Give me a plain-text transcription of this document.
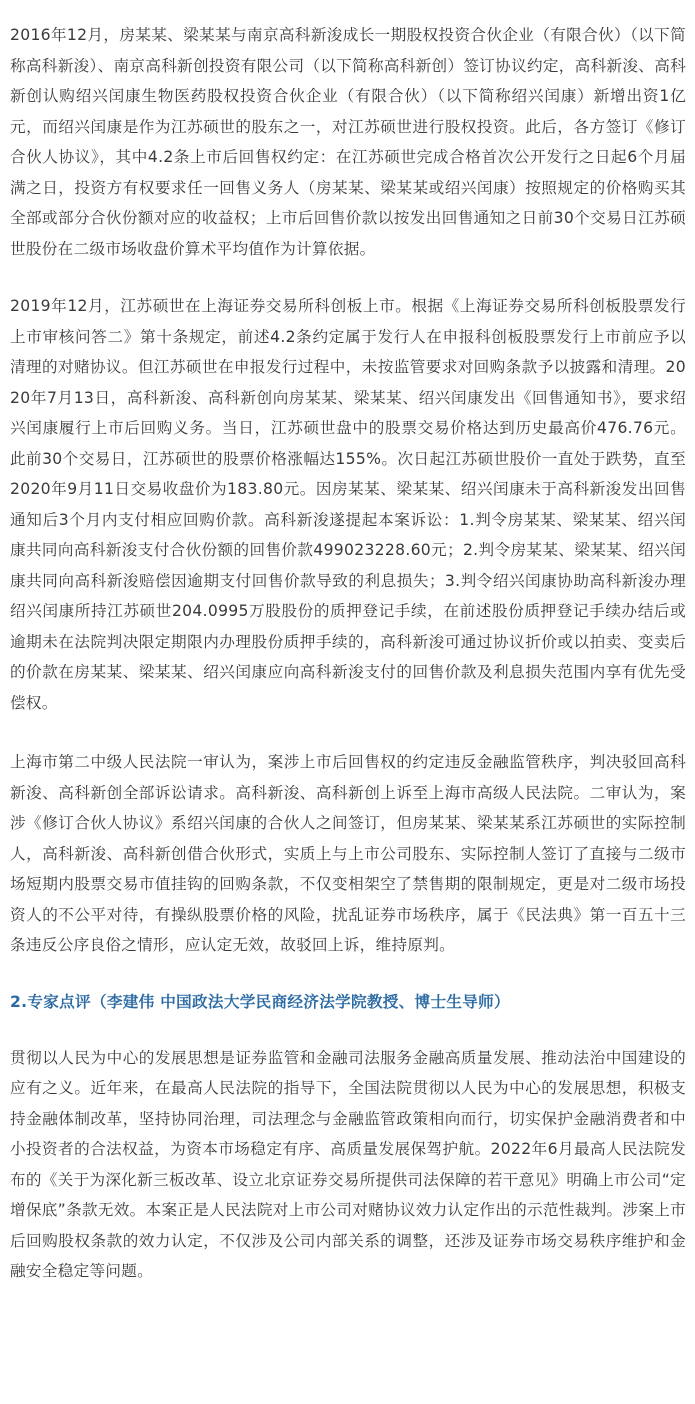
2016年12月，房某某、梁某某与南京高科新浚成长一期股权投资合伙企业（有限合伙）（以下简称高科新浚）、南京高科新创投资有限公司（以下简称高科新创）签订协议约定，高科新浚、高科新创认购绍兴闰康生物医药股权投资合伙企业（有限合伙）（以下简称绍兴闰康）新增出资1亿元，而绍兴闰康是作为江苏硕世的股东之一，对江苏硕世进行股权投资。此后，各方签订《修订合伙人协议》，其中4.2条上市后回售权约定：在江苏硕世完成合格首次公开发行之日起6个月届满之日，投资方有权要求任一回售义务人（房某某、梁某某或绍兴闰康）按照规定的价格购买其全部或部分合伙份额对应的收益权；上市后回售价款以按发出回售通知之日前30个交易日江苏硕世股份在二级市场收盘价算术平均值作为计算依据。

2019年12月，江苏硕世在上海证券交易所科创板上市。根据《上海证券交易所科创板股票发行上市审核问答二》第十条规定，前述4.2条约定属于发行人在申报科创板股票发行上市前应予以清理的对赌协议。但江苏硕世在申报发行过程中，未按监管要求对回购条款予以披露和清理。2020年7月13日，高科新浚、高科新创向房某某、梁某某、绍兴闰康发出《回售通知书》，要求绍兴闰康履行上市后回购义务。当日，江苏硕世盘中的股票交易价格达到历史最高价476.76元。此前30个交易日，江苏硕世的股票价格涨幅达155%。次日起江苏硕世股价一直处于跌势，直至2020年9月11日交易收盘价为183.80元。因房某某、梁某某、绍兴闰康未于高科新浚发出回售通知后3个月内支付相应回购价款。高科新浚遂提起本案诉讼：1.判令房某某、梁某某、绍兴闰康共同向高科新浚支付合伙份额的回售价款499023228.60元；2.判令房某某、梁某某、绍兴闰康共同向高科新浚赔偿因逾期支付回售价款导致的利息损失；3.判令绍兴闰康协助高科新浚办理绍兴闰康所持江苏硕世204.0995万股股份的质押登记手续，在前述股份质押登记手续办结后或逾期未在法院判决限定期限内办理股份质押手续的，高科新浚可通过协议折价或以拍卖、变卖后的价款在房某某、梁某某、绍兴闰康应向高科新浚支付的回售价款及利息损失范围内享有优先受偿权。

上海市第二中级人民法院一审认为，案涉上市后回售权的约定违反金融监管秩序，判决驳回高科新浚、高科新创全部诉讼请求。高科新浚、高科新创上诉至上海市高级人民法院。二审认为，案涉《修订合伙人协议》系绍兴闰康的合伙人之间签订，但房某某、梁某某系江苏硕世的实际控制人，高科新浚、高科新创借合伙形式，实质上与上市公司股东、实际控制人签订了直接与二级市场短期内股票交易市值挂钩的回购条款，不仅变相架空了禁售期的限制规定，更是对二级市场投资人的不公平对待，有操纵股票价格的风险，扰乱证券市场秩序，属于《民法典》第一百五十三条违反公序良俗之情形，应认定无效，故驳回上诉，维持原判。

2.专家点评（李建伟 中国政法大学民商经济法学院教授、博士生导师）

贯彻以人民为中心的发展思想是证券监管和金融司法服务金融高质量发展、推动法治中国建设的应有之义。近年来，在最高人民法院的指导下，全国法院贯彻以人民为中心的发展思想，积极支持金融体制改革，坚持协同治理，司法理念与金融监管政策相向而行，切实保护金融消费者和中小投资者的合法权益，为资本市场稳定有序、高质量发展保驾护航。2022年6月最高人民法院发布的《关于为深化新三板改革、设立北京证券交易所提供司法保障的若干意见》明确上市公司“定增保底”条款无效。本案正是人民法院对上市公司对赌协议效力认定作出的示范性裁判。涉案上市后回购股权条款的效力认定，不仅涉及公司内部关系的调整，还涉及证券市场交易秩序维护和金融安全稳定等问题。
